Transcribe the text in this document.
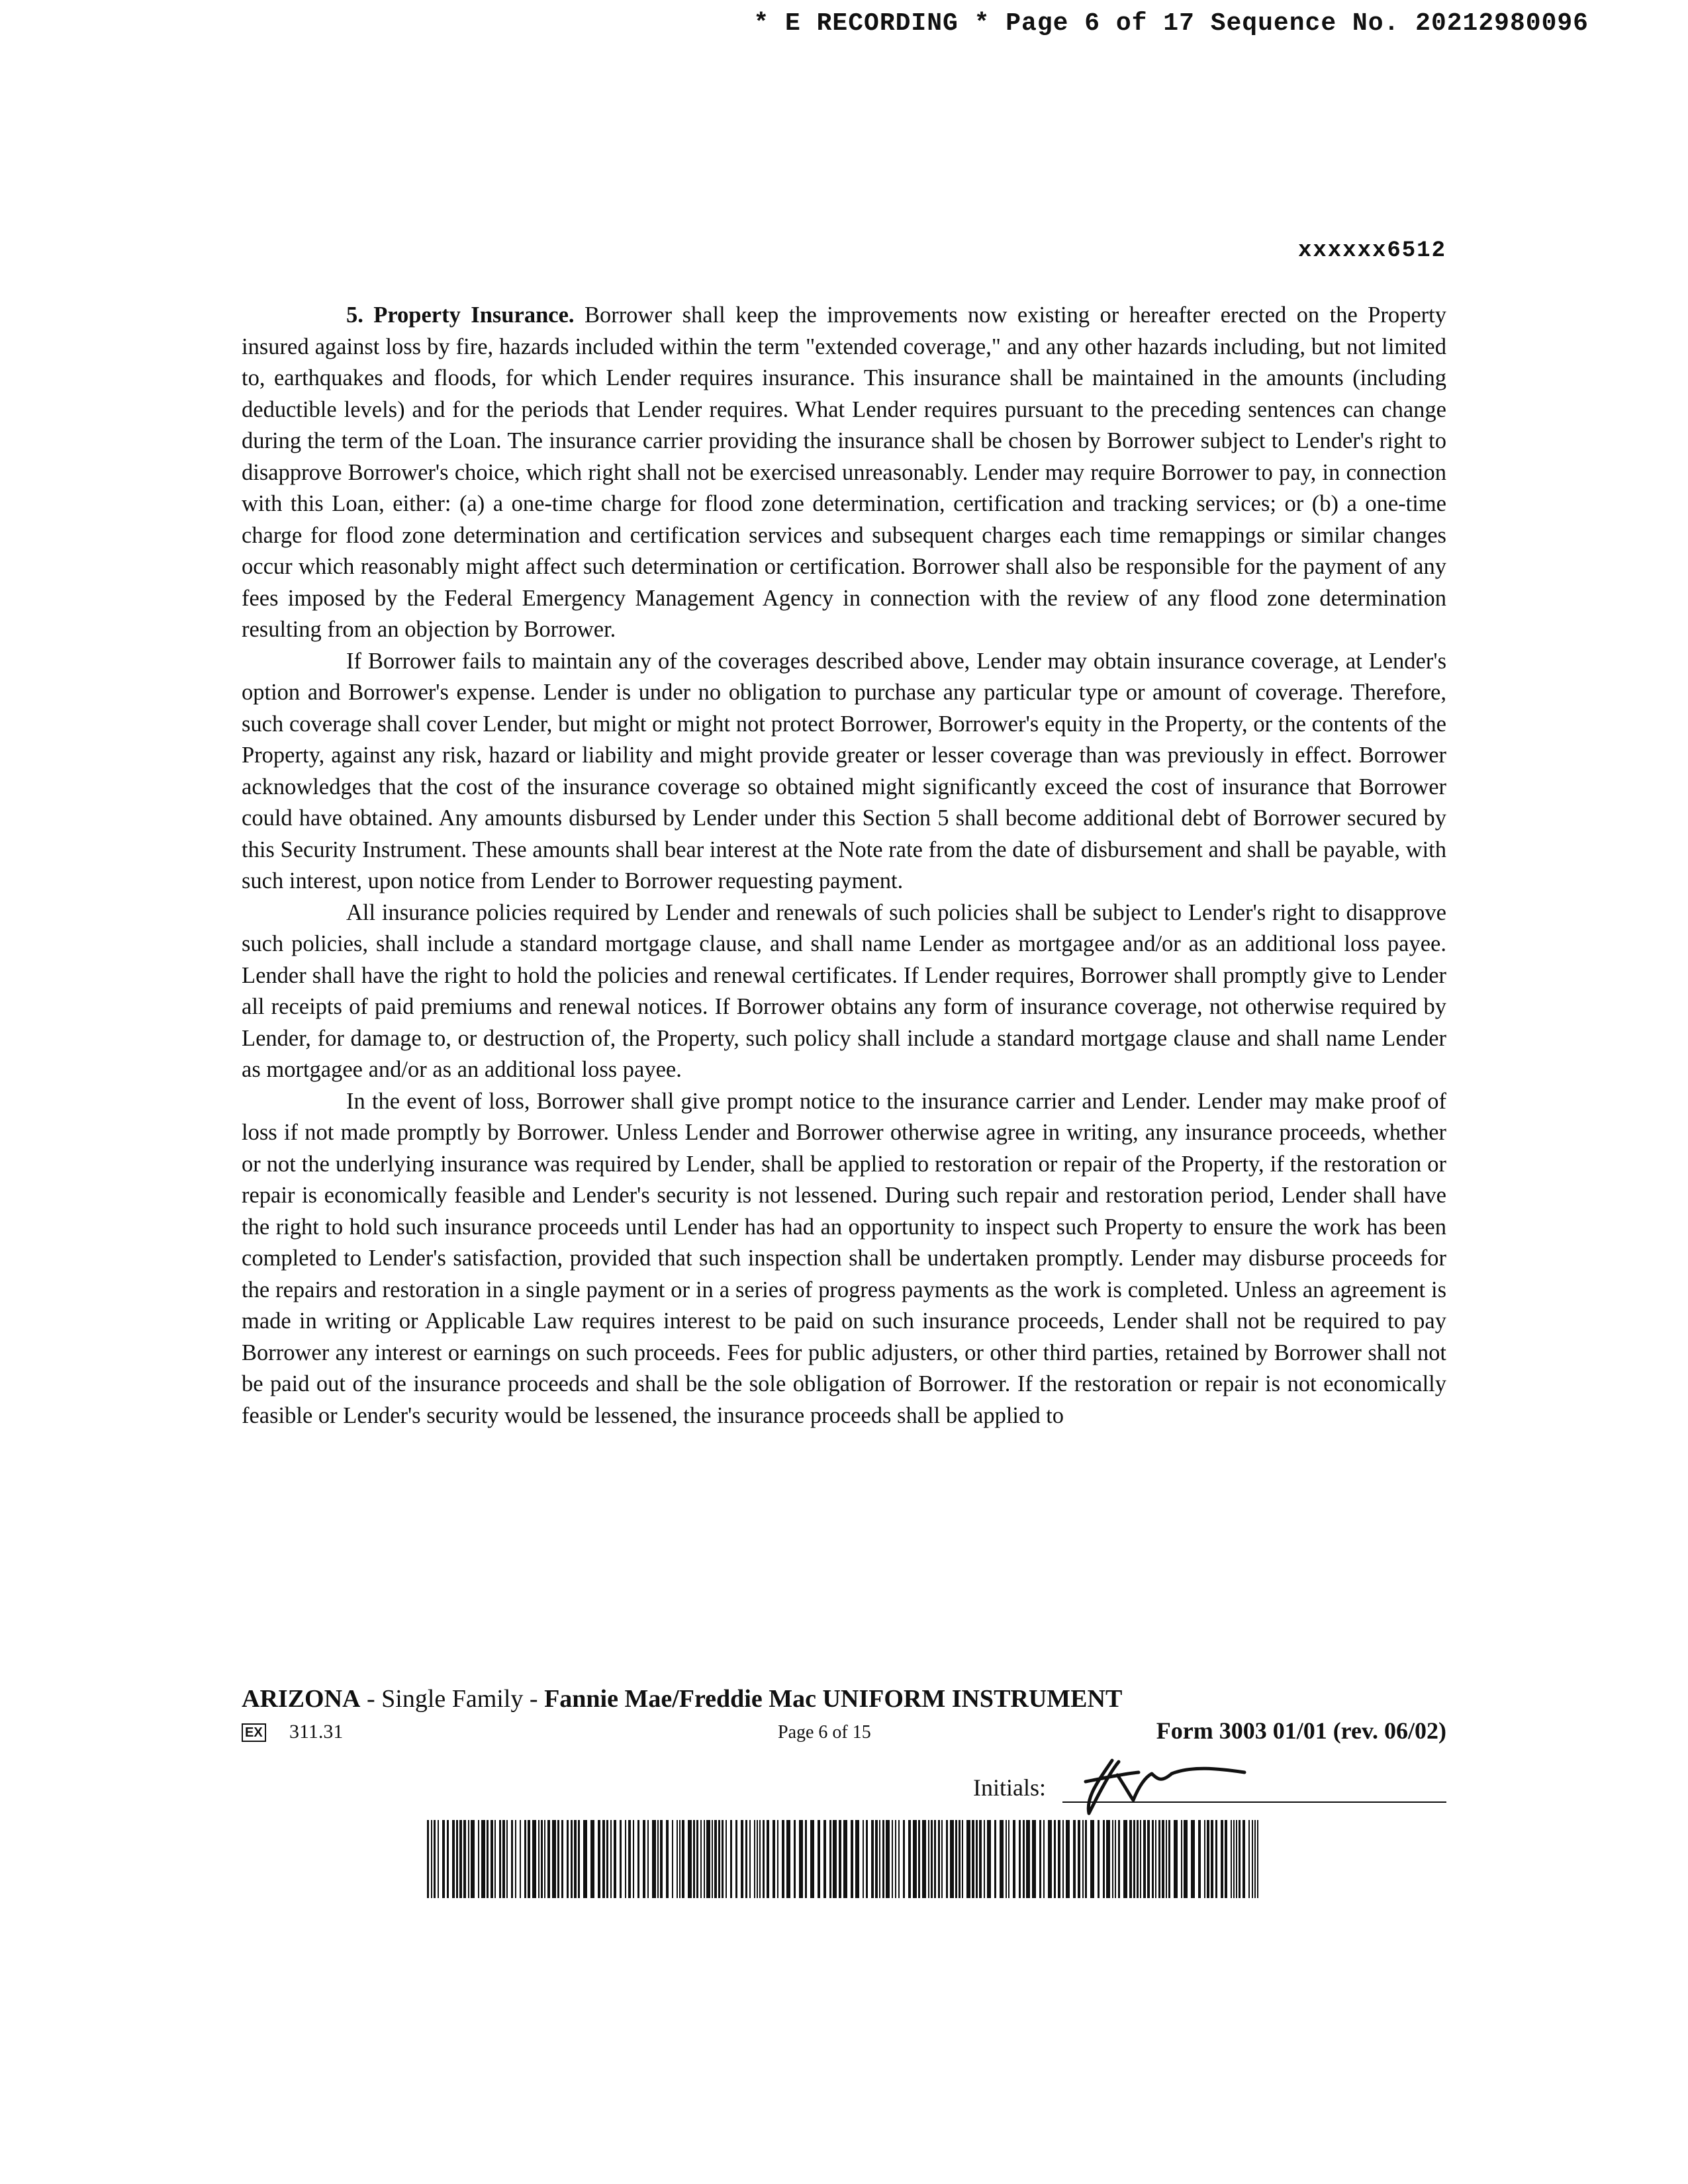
* E RECORDING * Page 6 of 17 Sequence No. 20212980096
xxxxxx6512

5. Property Insurance. Borrower shall keep the improvements now existing or hereafter erected on the Property insured against loss by fire, hazards included within the term "extended coverage," and any other hazards including, but not limited to, earthquakes and floods, for which Lender requires insurance. This insurance shall be maintained in the amounts (including deductible levels) and for the periods that Lender requires. What Lender requires pursuant to the preceding sentences can change during the term of the Loan. The insurance carrier providing the insurance shall be chosen by Borrower subject to Lender's right to disapprove Borrower's choice, which right shall not be exercised unreasonably. Lender may require Borrower to pay, in connection with this Loan, either: (a) a one-time charge for flood zone determination, certification and tracking services; or (b) a one-time charge for flood zone determination and certification services and subsequent charges each time remappings or similar changes occur which reasonably might affect such determination or certification. Borrower shall also be responsible for the payment of any fees imposed by the Federal Emergency Management Agency in connection with the review of any flood zone determination resulting from an objection by Borrower.

If Borrower fails to maintain any of the coverages described above, Lender may obtain insurance coverage, at Lender's option and Borrower's expense. Lender is under no obligation to purchase any particular type or amount of coverage. Therefore, such coverage shall cover Lender, but might or might not protect Borrower, Borrower's equity in the Property, or the contents of the Property, against any risk, hazard or liability and might provide greater or lesser coverage than was previously in effect. Borrower acknowledges that the cost of the insurance coverage so obtained might significantly exceed the cost of insurance that Borrower could have obtained. Any amounts disbursed by Lender under this Section 5 shall become additional debt of Borrower secured by this Security Instrument. These amounts shall bear interest at the Note rate from the date of disbursement and shall be payable, with such interest, upon notice from Lender to Borrower requesting payment.

All insurance policies required by Lender and renewals of such policies shall be subject to Lender's right to disapprove such policies, shall include a standard mortgage clause, and shall name Lender as mortgagee and/or as an additional loss payee. Lender shall have the right to hold the policies and renewal certificates. If Lender requires, Borrower shall promptly give to Lender all receipts of paid premiums and renewal notices. If Borrower obtains any form of insurance coverage, not otherwise required by Lender, for damage to, or destruction of, the Property, such policy shall include a standard mortgage clause and shall name Lender as mortgagee and/or as an additional loss payee.

In the event of loss, Borrower shall give prompt notice to the insurance carrier and Lender. Lender may make proof of loss if not made promptly by Borrower. Unless Lender and Borrower otherwise agree in writing, any insurance proceeds, whether or not the underlying insurance was required by Lender, shall be applied to restoration or repair of the Property, if the restoration or repair is economically feasible and Lender's security is not lessened. During such repair and restoration period, Lender shall have the right to hold such insurance proceeds until Lender has had an opportunity to inspect such Property to ensure the work has been completed to Lender's satisfaction, provided that such inspection shall be undertaken promptly. Lender may disburse proceeds for the repairs and restoration in a single payment or in a series of progress payments as the work is completed. Unless an agreement is made in writing or Applicable Law requires interest to be paid on such insurance proceeds, Lender shall not be required to pay Borrower any interest or earnings on such proceeds. Fees for public adjusters, or other third parties, retained by Borrower shall not be paid out of the insurance proceeds and shall be the sole obligation of Borrower. If the restoration or repair is not economically feasible or Lender's security would be lessened, the insurance proceeds shall be applied to

ARIZONA - Single Family - Fannie Mae/Freddie Mac UNIFORM INSTRUMENT
EX 311.31	Page 6 of 15	Form 3003 01/01 (rev. 06/02)
Initials:
